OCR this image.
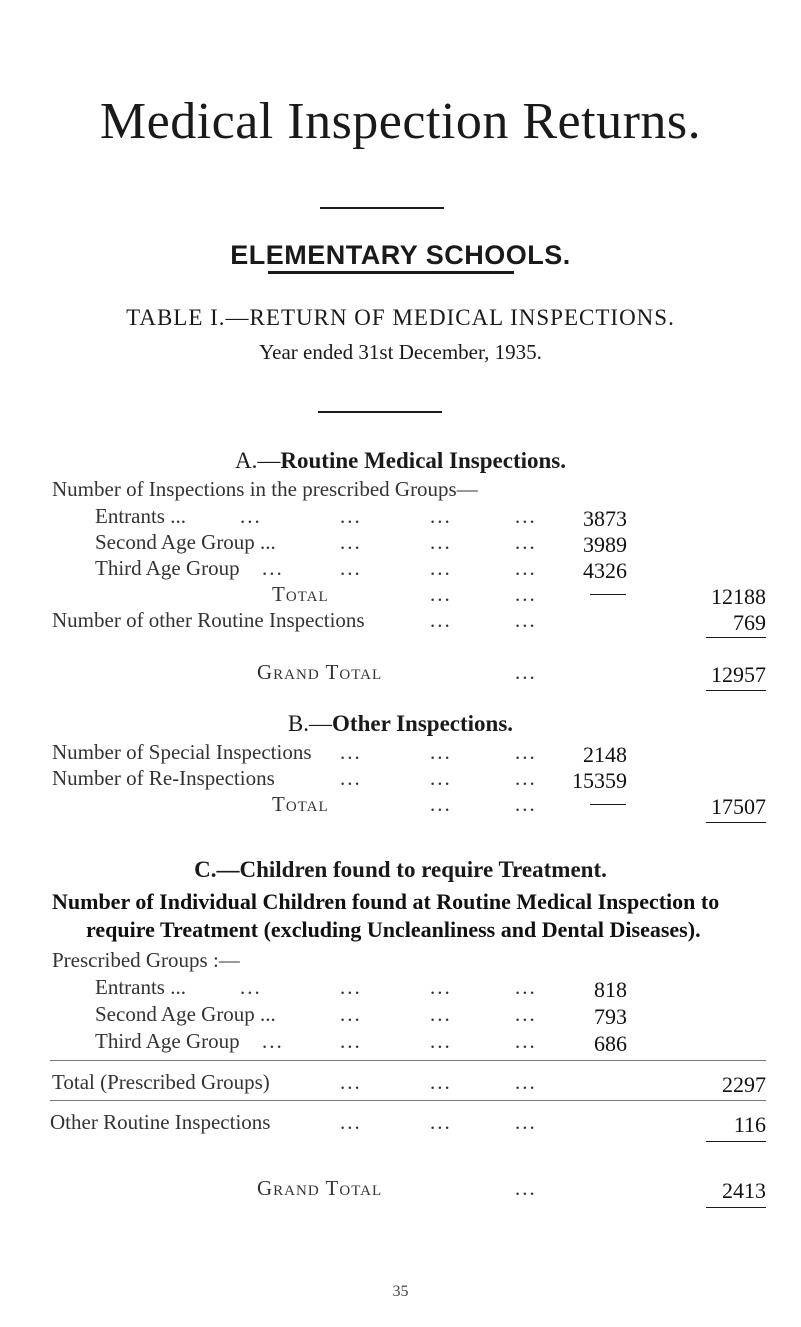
Medical Inspection Returns.
ELEMENTARY SCHOOLS.
TABLE I.—RETURN OF MEDICAL INSPECTIONS.
Year ended 31st December, 1935.
A.—Routine Medical Inspections.
Number of Inspections in the prescribed Groups—
Entrants ...	...	...	...	...	3873
Second Age Group ...	...	...	...	3989
Third Age Group ...	...	...	...	4326
Total	...	...	12188
Number of other Routine Inspections	...	...	769
Grand Total	...	12957
B.—Other Inspections.
Number of Special Inspections ...	...	...	2148
Number of Re-Inspections	...	...	...	15359
Total	...	...	17507
C.—Children found to require Treatment.
Number of Individual Children found at Routine Medical Inspection to
require Treatment (excluding Uncleanliness and Dental Diseases).
Prescribed Groups :—
Entrants ...	...	...	...	...	818
Second Age Group ...	...	...	...	793
Third Age Group ...	...	...	...	686
Total (Prescribed Groups)	...	...	...	2297
Other Routine Inspections	...	...	...	116
Grand Total	...	2413
35
